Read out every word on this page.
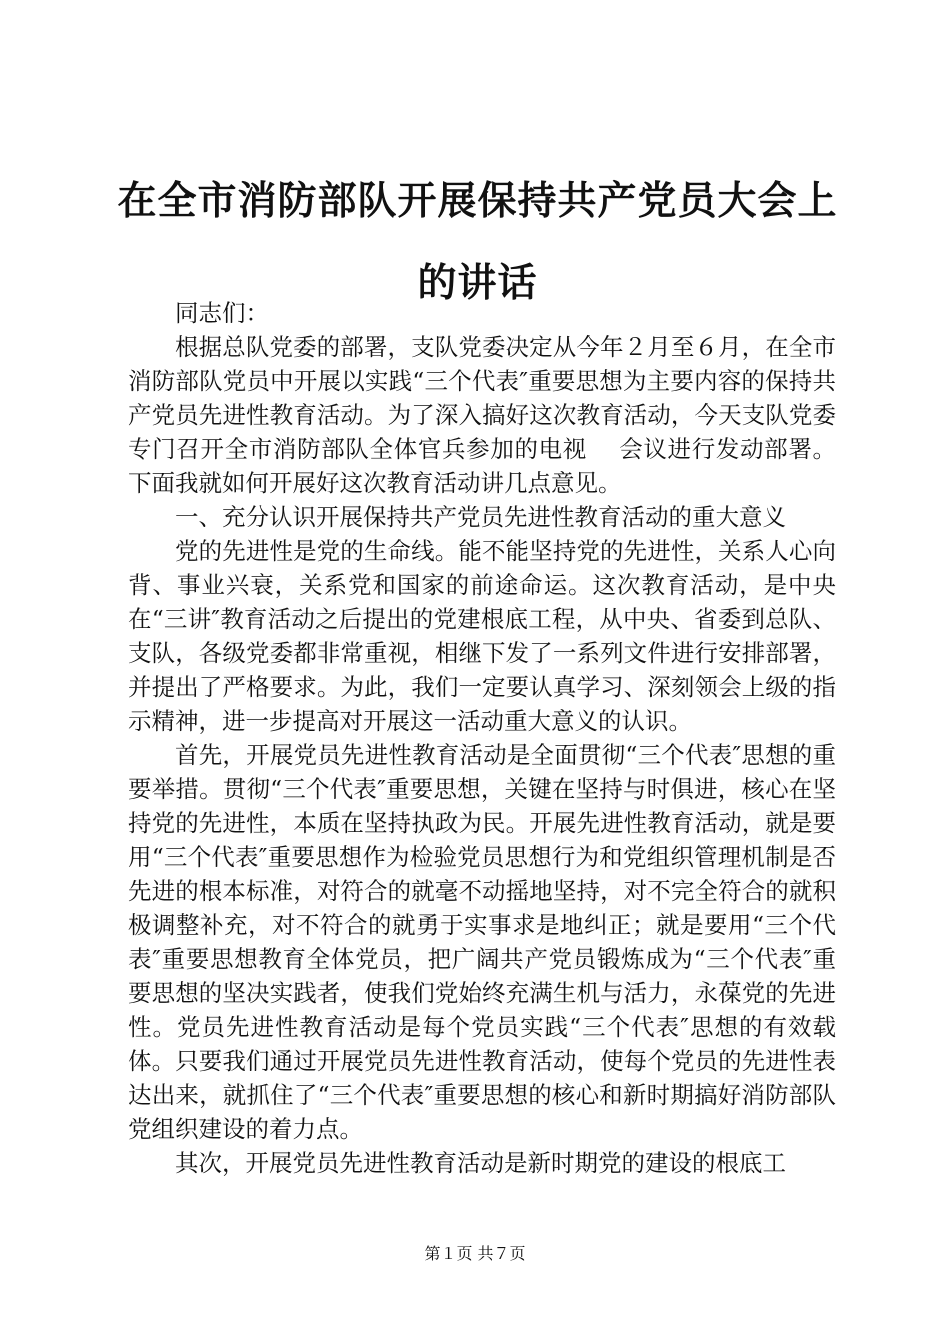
在全市消防部队开展保持共产党员大会上的讲话

同志们：

根据总队党委的部署，支队党委决定从今年２月至６月，在全市消防部队党员中开展以实践“三个代表″重要思想为主要内容的保持共产党员先进性教育活动。为了深入搞好这次教育活动，今天支队党委专门召开全市消防部队全体官兵参加的电视　 会议进行发动部署。下面我就如何开展好这次教育活动讲几点意见。

一、充分认识开展保持共产党员先进性教育活动的重大意义

党的先进性是党的生命线。能不能坚持党的先进性，关系人心向背、事业兴衰，关系党和国家的前途命运。这次教育活动，是中央在“三讲″教育活动之后提出的党建根底工程，从中央、省委到总队、支队，各级党委都非常重视，相继下发了一系列文件进行安排部署，并提出了严格要求。为此，我们一定要认真学习、深刻领会上级的指示精神，进一步提高对开展这一活动重大意义的认识。

首先，开展党员先进性教育活动是全面贯彻“三个代表″思想的重要举措。贯彻“三个代表″重要思想，关键在坚持与时俱进，核心在坚持党的先进性，本质在坚持执政为民。开展先进性教育活动，就是要用“三个代表″重要思想作为检验党员思想行为和党组织管理机制是否先进的根本标准，对符合的就毫不动摇地坚持，对不完全符合的就积极调整补充，对不符合的就勇于实事求是地纠正；就是要用“三个代表″重要思想教育全体党员，把广阔共产党员锻炼成为“三个代表″重要思想的坚决实践者，使我们党始终充满生机与活力，永葆党的先进性。党员先进性教育活动是每个党员实践“三个代表″思想的有效载体。只要我们通过开展党员先进性教育活动，使每个党员的先进性表达出来，就抓住了“三个代表″重要思想的核心和新时期搞好消防部队党组织建设的着力点。

其次，开展党员先进性教育活动是新时期党的建设的根底工

第１页 共７页
